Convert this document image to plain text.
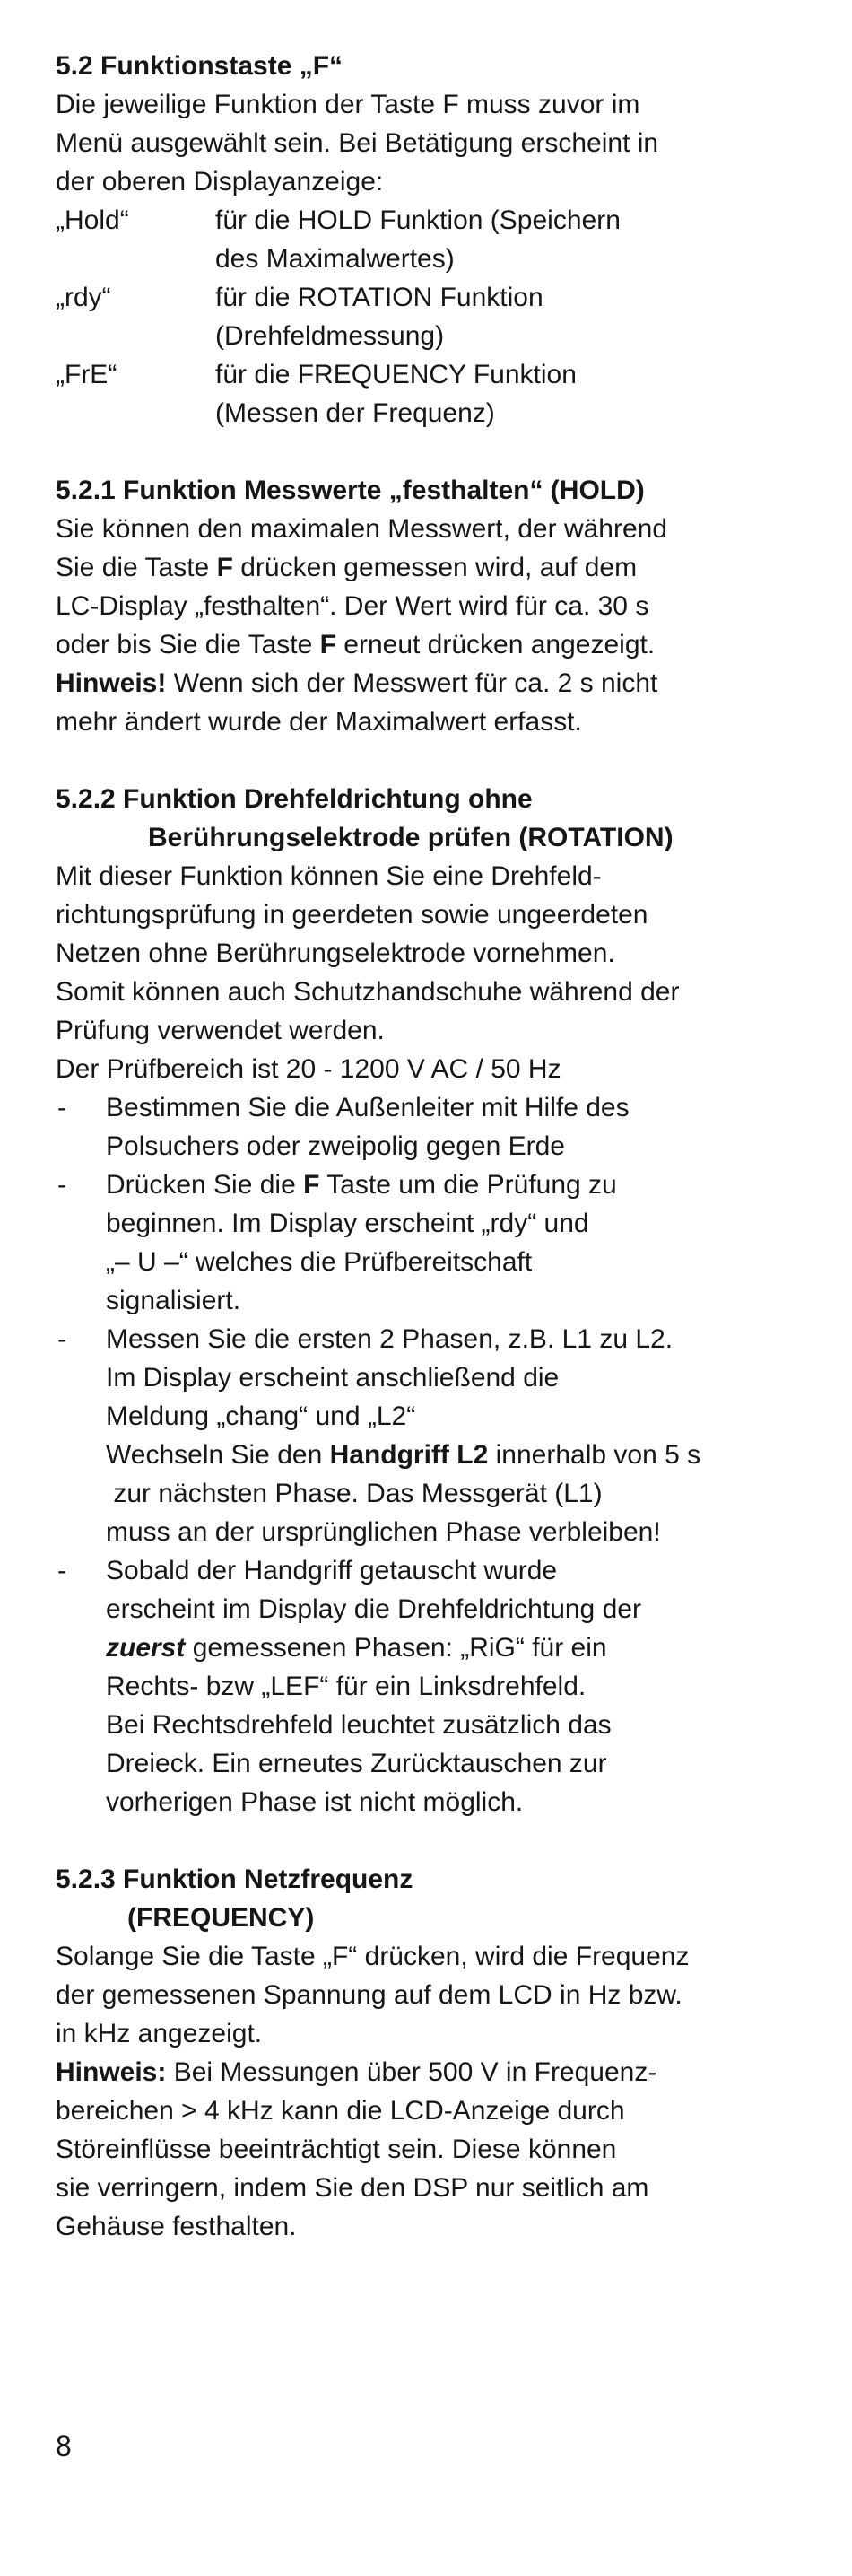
5.2 Funktionstaste „F“
Die jeweilige Funktion der Taste F muss zuvor im
Menü ausgewählt sein. Bei Betätigung erscheint in
der oberen Displayanzeige:
„Hold“	für die HOLD Funktion (Speichern
des Maximalwertes)
„rdy“	für die ROTATION Funktion
(Drehfeldmessung)
„FrE“	für die FREQUENCY Funktion
(Messen der Frequenz)
5.2.1 Funktion Messwerte „festhalten“ (HOLD)
Sie können den maximalen Messwert, der während
Sie die Taste F drücken gemessen wird, auf dem
LC-Display „festhalten“. Der Wert wird für ca. 30 s
oder bis Sie die Taste F erneut drücken angezeigt.
Hinweis! Wenn sich der Messwert für ca. 2 s nicht
mehr ändert wurde der Maximalwert erfasst.
5.2.2 Funktion Drehfeldrichtung ohne
Berührungselektrode prüfen (ROTATION)
Mit dieser Funktion können Sie eine Drehfeld-
richtungsprüfung in geerdeten sowie ungeerdeten
Netzen ohne Berührungselektrode vornehmen.
Somit können auch Schutzhandschuhe während der
Prüfung verwendet werden.
Der Prüfbereich ist 20 - 1200 V AC / 50 Hz
-	Bestimmen Sie die Außenleiter mit Hilfe des
Polsuchers oder zweipolig gegen Erde
-	Drücken Sie die F Taste um die Prüfung zu
beginnen. Im Display erscheint „rdy“ und
„– U –“ welches die Prüfbereitschaft
signalisiert.
-	Messen Sie die ersten 2 Phasen, z.B. L1 zu L2.
Im Display erscheint anschließend die
Meldung „chang“ und „L2“
Wechseln Sie den Handgriff L2 innerhalb von 5 s
zur nächsten Phase. Das Messgerät (L1)
muss an der ursprünglichen Phase verbleiben!
-	Sobald der Handgriff getauscht wurde
erscheint im Display die Drehfeldrichtung der
zuerst gemessenen Phasen: „RiG“ für ein
Rechts- bzw „LEF“ für ein Linksdrehfeld.
Bei Rechtsdrehfeld leuchtet zusätzlich das
Dreieck. Ein erneutes Zurücktauschen zur
vorherigen Phase ist nicht möglich.
5.2.3 Funktion Netzfrequenz
(FREQUENCY)
Solange Sie die Taste „F“ drücken, wird die Frequenz
der gemessenen Spannung auf dem LCD in Hz bzw.
in kHz angezeigt.
Hinweis: Bei Messungen über 500 V in Frequenz-
bereichen > 4 kHz kann die LCD-Anzeige durch
Störeinflüsse beeinträchtigt sein. Diese können
sie verringern, indem Sie den DSP nur seitlich am
Gehäuse festhalten.
8
